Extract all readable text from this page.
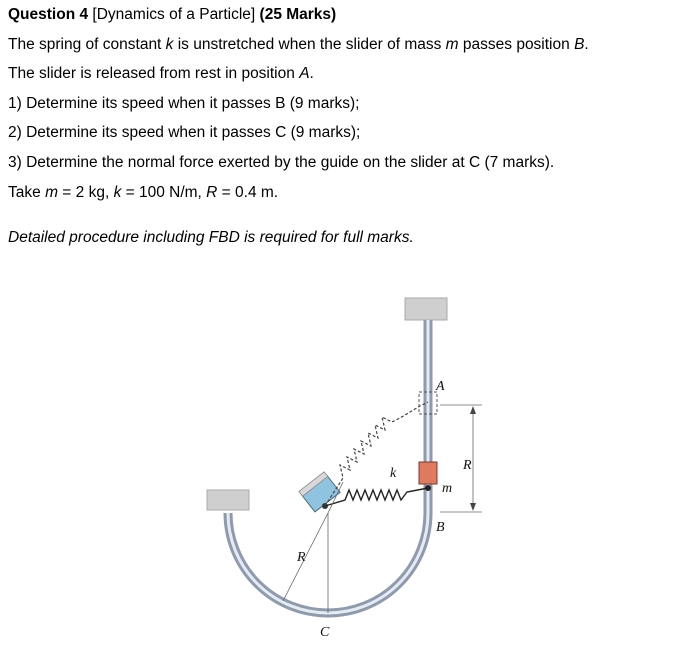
Question 4 [Dynamics of a Particle] (25 Marks)
The spring of constant k is unstretched when the slider of mass m passes position B.
The slider is released from rest in position A.
1) Determine its speed when it passes B (9 marks);
2) Determine its speed when it passes C (9 marks);
3) Determine the normal force exerted by the guide on the slider at C (7 marks).
Take m = 2 kg, k = 100 N/m, R = 0.4 m.
Detailed procedure including FBD is required for full marks.
A
B
C
k
m
R
R
